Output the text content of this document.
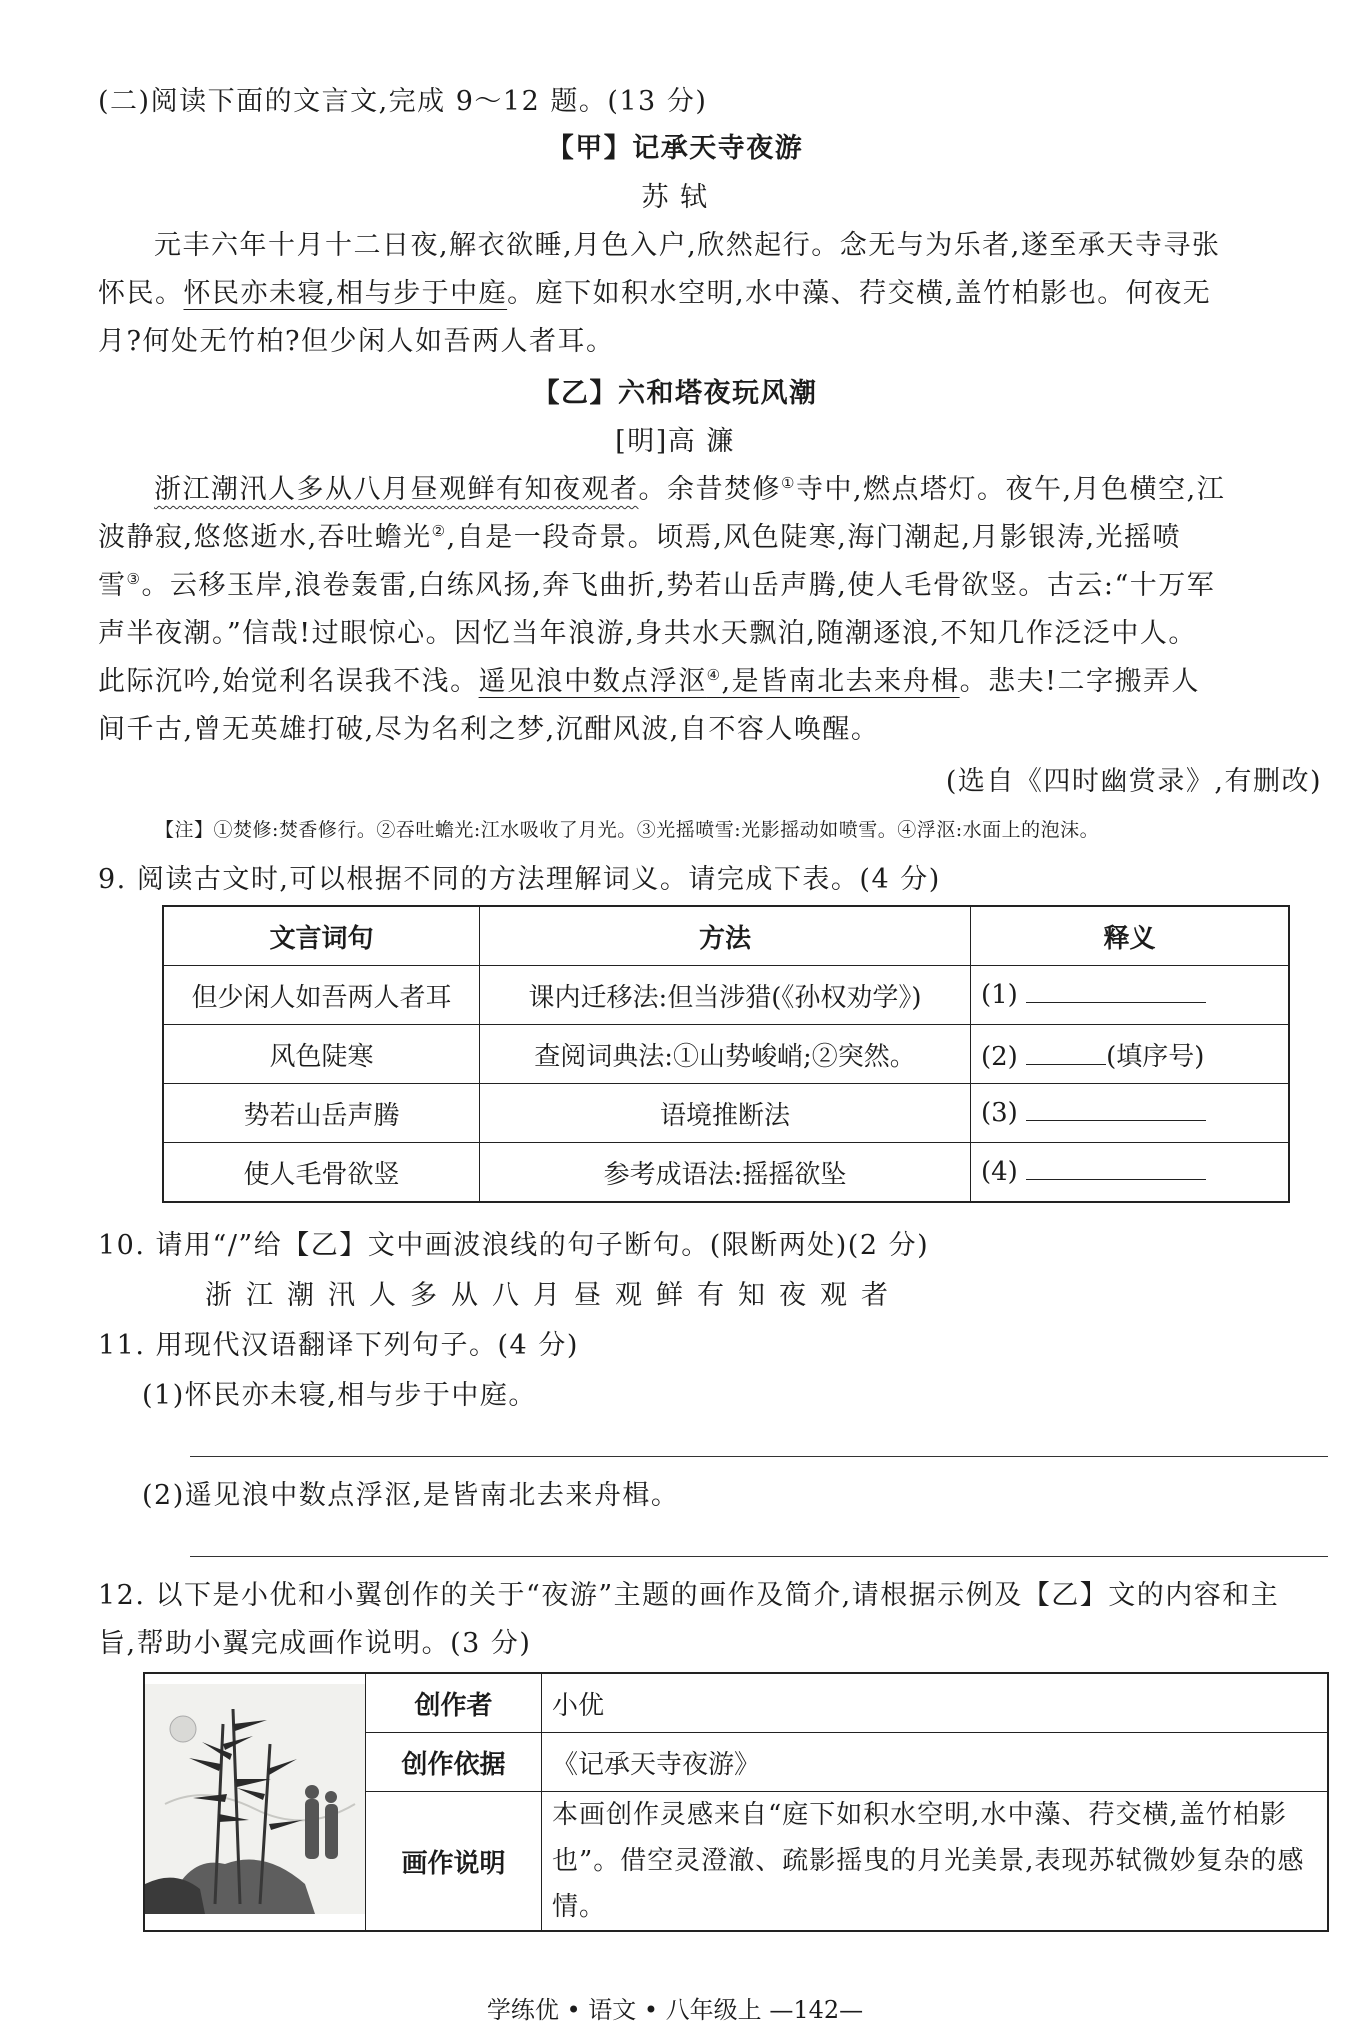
(二)阅读下面的文言文,完成 9～12 题。(13 分)
【甲】记承天寺夜游
苏 轼
元丰六年十月十二日夜,解衣欲睡,月色入户,欣然起行。念无与为乐者,遂至承天寺寻张
怀民。怀民亦未寝,相与步于中庭。庭下如积水空明,水中藻、荇交横,盖竹柏影也。何夜无
月?何处无竹柏?但少闲人如吾两人者耳。
【乙】六和塔夜玩风潮
[明]高 濂
浙江潮汛人多从八月昼观鲜有知夜观者。余昔焚修①寺中,燃点塔灯。夜午,月色横空,江
波静寂,悠悠逝水,吞吐蟾光②,自是一段奇景。顷焉,风色陡寒,海门潮起,月影银涛,光摇喷
雪③。云移玉岸,浪卷轰雷,白练风扬,奔飞曲折,势若山岳声腾,使人毛骨欲竖。古云:“十万军
声半夜潮。”信哉!过眼惊心。因忆当年浪游,身共水天飘泊,随潮逐浪,不知几作泛泛中人。
此际沉吟,始觉利名误我不浅。遥见浪中数点浮沤④,是皆南北去来舟楫。悲夫!二字搬弄人
间千古,曾无英雄打破,尽为名利之梦,沉酣风波,自不容人唤醒。
(选自《四时幽赏录》,有删改)
【注】①焚修:焚香修行。②吞吐蟾光:江水吸收了月光。③光摇喷雪:光影摇动如喷雪。④浮沤:水面上的泡沫。
9. 阅读古文时,可以根据不同的方法理解词义。请完成下表。(4 分)
文言词句	方法	释义
但少闲人如吾两人者耳	课内迁移法:但当涉猎(《孙权劝学》)	(1)
风色陡寒	查阅词典法:①山势峻峭;②突然。	(2) (填序号)
势若山岳声腾	语境推断法	(3)
使人毛骨欲竖	参考成语法:摇摇欲坠	(4)
10. 请用“/”给【乙】文中画波浪线的句子断句。(限断两处)(2 分)
浙江潮汛人多从八月昼观鲜有知夜观者
11. 用现代汉语翻译下列句子。(4 分)
(1)怀民亦未寝,相与步于中庭。
(2)遥见浪中数点浮沤,是皆南北去来舟楫。
12. 以下是小优和小翼创作的关于“夜游”主题的画作及简介,请根据示例及【乙】文的内容和主
旨,帮助小翼完成画作说明。(3 分)
	创作者	小优
	创作依据	《记承天寺夜游》
	画作说明	本画创作灵感来自“庭下如积水空明,水中藻、荇交横,盖竹柏影也”。借空灵澄澈、疏影摇曳的月光美景,表现苏轼微妙复杂的感情。
学练优 • 语文 • 八年级上 —142—
